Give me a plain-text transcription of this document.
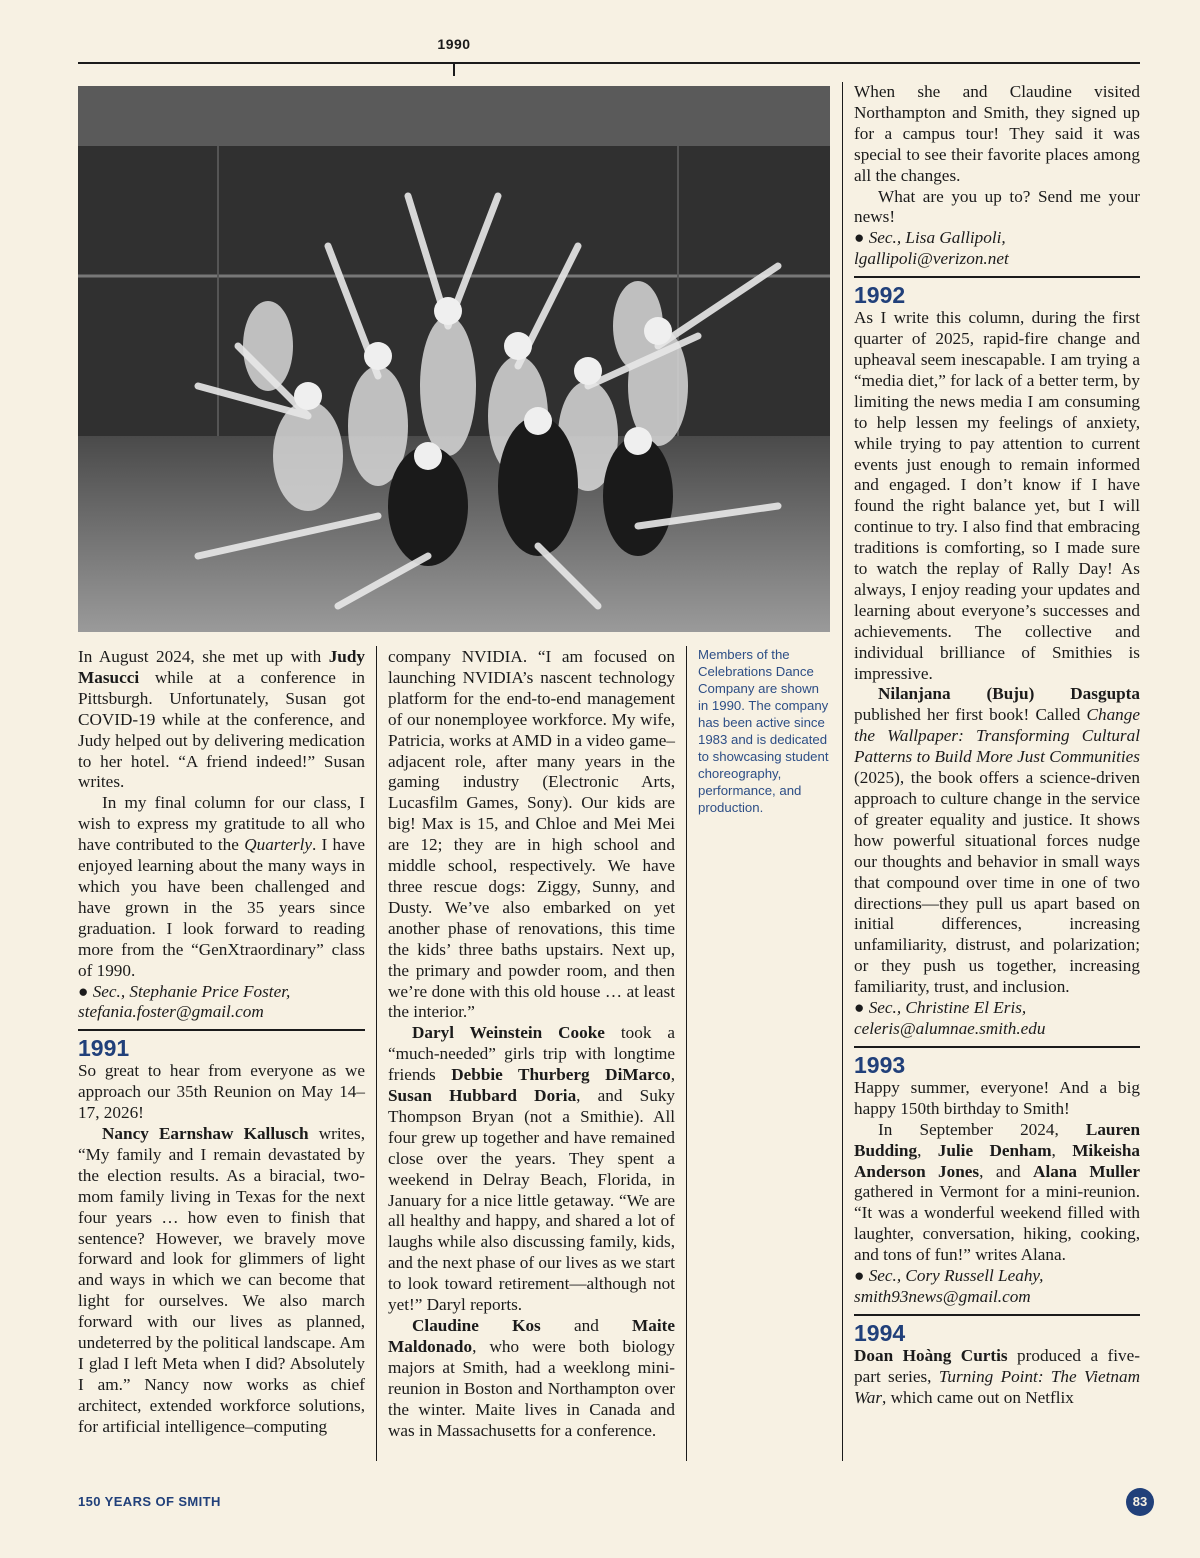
1990

In August 2024, she met up with Judy Masucci while at a conference in Pittsburgh. Unfortunately, Susan got COVID-19 while at the conference, and Judy helped out by delivering medication to her hotel. “A friend indeed!” Susan writes.

In my final column for our class, I wish to express my gratitude to all who have contributed to the Quarterly. I have enjoyed learning about the many ways in which you have been challenged and have grown in the 35 years since graduation. I look forward to reading more from the “GenXtraordinary” class of 1990.

● Sec., Stephanie Price Foster,

stefania.foster@gmail.com

1991

So great to hear from everyone as we approach our 35th Reunion on May 14–17, 2026!

Nancy Earnshaw Kallusch writes, “My family and I remain devastated by the election results. As a biracial, two-mom family living in Texas for the next four years … how even to finish that sentence? However, we bravely move forward and look for glimmers of light and ways in which we can become that light for ourselves. We also march forward with our lives as planned, undeterred by the political landscape. Am I glad I left Meta when I did? Absolutely I am.” Nancy now works as chief architect, extended workforce solutions, for artificial intelligence–computing

company NVIDIA. “I am focused on launching NVIDIA’s nascent technology platform for the end-to-end management of our nonemployee workforce. My wife, Patricia, works at AMD in a video game–adjacent role, after many years in the gaming industry (Electronic Arts, Lucasfilm Games, Sony). Our kids are big! Max is 15, and Chloe and Mei Mei are 12; they are in high school and middle school, respectively. We have three rescue dogs: Ziggy, Sunny, and Dusty. We’ve also embarked on yet another phase of renovations, this time the kids’ three baths upstairs. Next up, the primary and powder room, and then we’re done with this old house … at least the interior.”

Daryl Weinstein Cooke took a “much-needed” girls trip with longtime friends Debbie Thurberg DiMarco, Susan Hubbard Doria, and Suky Thompson Bryan (not a Smithie). All four grew up together and have remained close over the years. They spent a weekend in Delray Beach, Florida, in January for a nice little getaway. “We are all healthy and happy, and shared a lot of laughs while also discussing family, kids, and the next phase of our lives as we start to look toward retirement—although not yet!” Daryl reports.

Claudine Kos and Maite Maldonado, who were both biology majors at Smith, had a weeklong mini-reunion in Boston and Northampton over the winter. Maite lives in Canada and was in Massachusetts for a conference.

Members of the Celebrations Dance Company are shown in 1990. The company has been active since 1983 and is dedicated to showcasing student choreography, performance, and production.

When she and Claudine visited Northampton and Smith, they signed up for a campus tour! They said it was special to see their favorite places among all the changes.

What are you up to? Send me your news!

● Sec., Lisa Gallipoli,

lgallipoli@verizon.net

1992

As I write this column, during the first quarter of 2025, rapid-fire change and upheaval seem inescapable. I am trying a “media diet,” for lack of a better term, by limiting the news media I am consuming to help lessen my feelings of anxiety, while trying to pay attention to current events just enough to remain informed and engaged. I don’t know if I have found the right balance yet, but I will continue to try. I also find that embracing traditions is comforting, so I made sure to watch the replay of Rally Day! As always, I enjoy reading your updates and learning about everyone’s successes and achievements. The collective and individual brilliance of Smithies is impressive.

Nilanjana (Buju) Dasgupta published her first book! Called Change the Wallpaper: Transforming Cultural Patterns to Build More Just Communities (2025), the book offers a science-driven approach to culture change in the service of greater equality and justice. It shows how powerful situational forces nudge our thoughts and behavior in small ways that compound over time in one of two directions—they pull us apart based on initial differences, increasing unfamiliarity, distrust, and polarization; or they push us together, increasing familiarity, trust, and inclusion.

● Sec., Christine El Eris,

celeris@alumnae.smith.edu

1993

Happy summer, everyone! And a big happy 150th birthday to Smith!

In September 2024, Lauren Budding, Julie Denham, Mikeisha Anderson Jones, and Alana Muller gathered in Vermont for a mini-reunion. “It was a wonderful weekend filled with laughter, conversation, hiking, cooking, and tons of fun!” writes Alana.

● Sec., Cory Russell Leahy,

smith93news@gmail.com

1994

Doan Hoàng Curtis produced a five-part series, Turning Point: The Vietnam War, which came out on Netflix

150 YEARS OF SMITH	83
